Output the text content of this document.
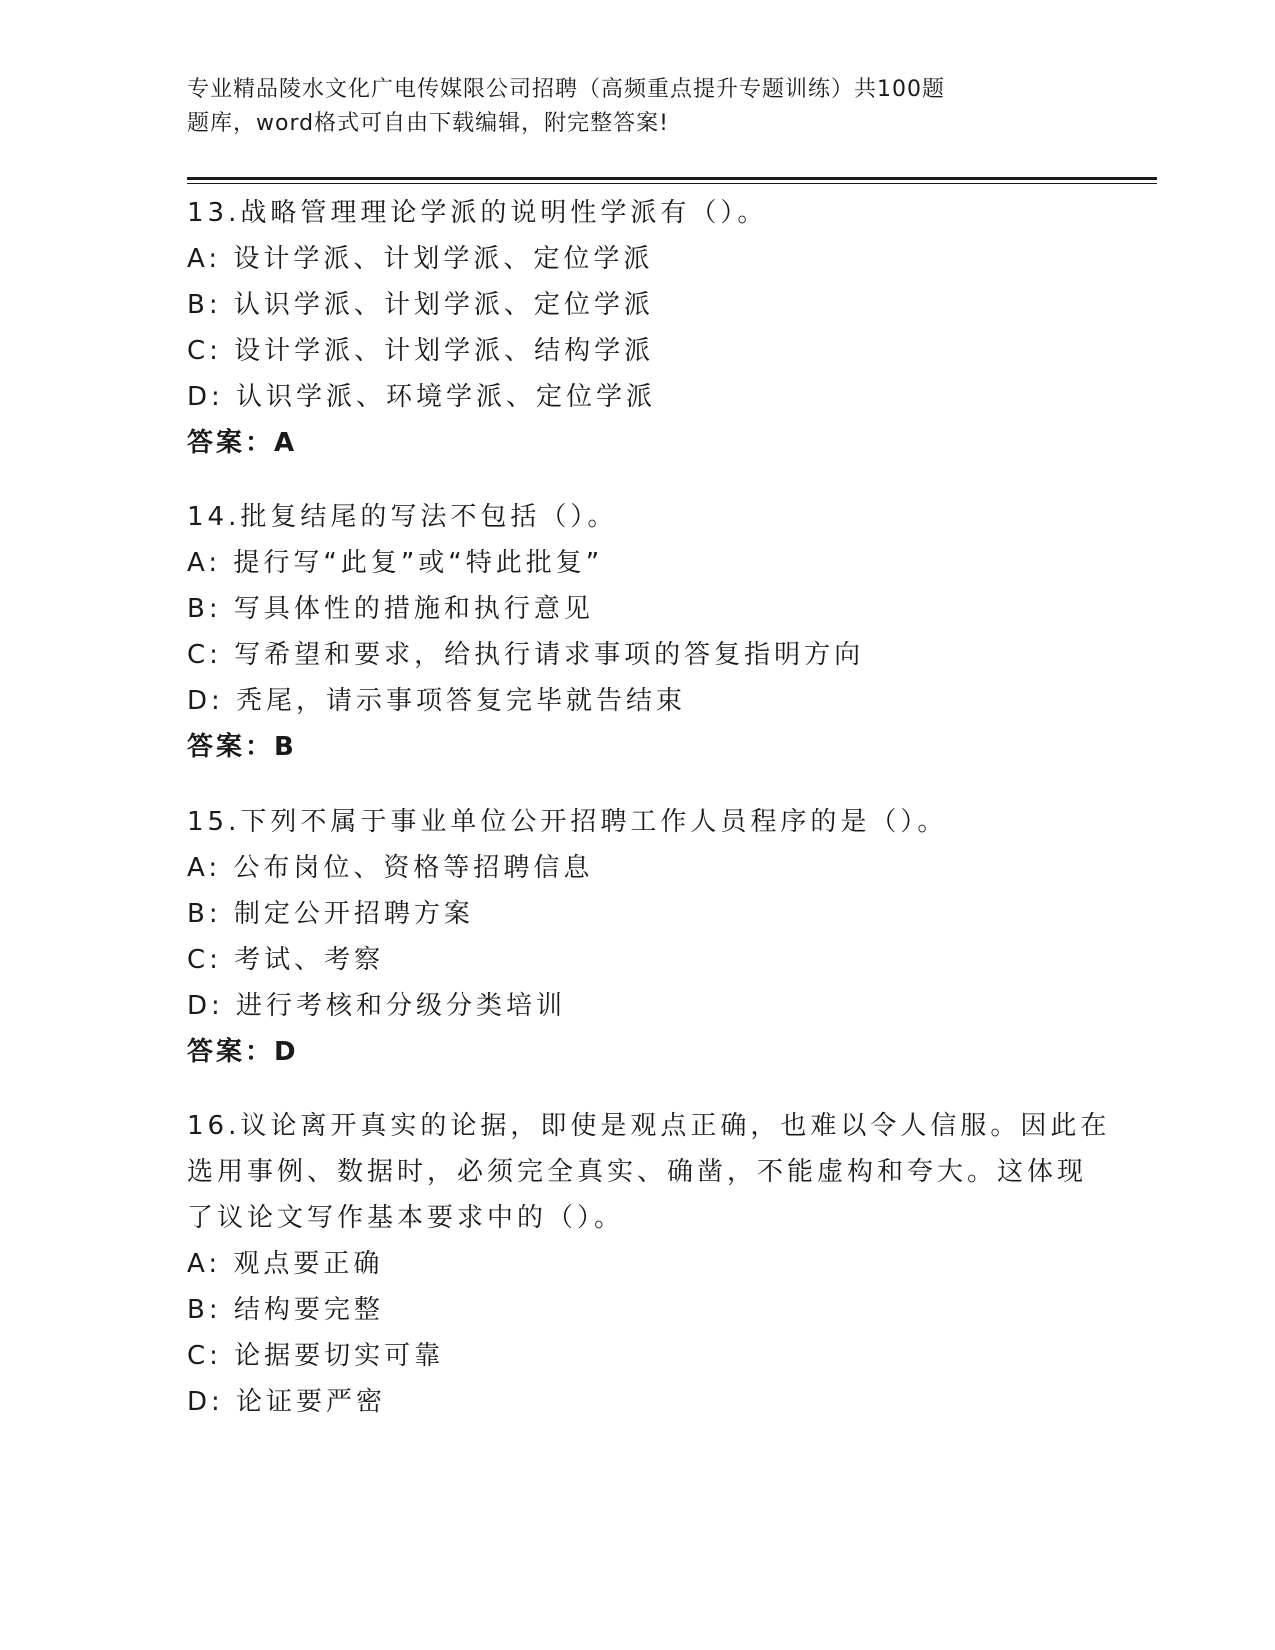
专业精品陵水文化广电传媒限公司招聘（高频重点提升专题训练）共100题
题库，word格式可自由下载编辑，附完整答案!
13.战略管理理论学派的说明性学派有（）。
A: 设计学派、计划学派、定位学派
B: 认识学派、计划学派、定位学派
C: 设计学派、计划学派、结构学派
D: 认识学派、环境学派、定位学派
答案：A
14.批复结尾的写法不包括（）。
A: 提行写“此复”或“特此批复”
B: 写具体性的措施和执行意见
C: 写希望和要求，给执行请求事项的答复指明方向
D: 秃尾，请示事项答复完毕就告结束
答案：B
15.下列不属于事业单位公开招聘工作人员程序的是（）。
A: 公布岗位、资格等招聘信息
B: 制定公开招聘方案
C: 考试、考察
D: 进行考核和分级分类培训
答案：D
16.议论离开真实的论据，即使是观点正确，也难以令人信服。因此在
选用事例、数据时，必须完全真实、确凿，不能虚构和夸大。这体现
了议论文写作基本要求中的（）。
A: 观点要正确
B: 结构要完整
C: 论据要切实可靠
D: 论证要严密
